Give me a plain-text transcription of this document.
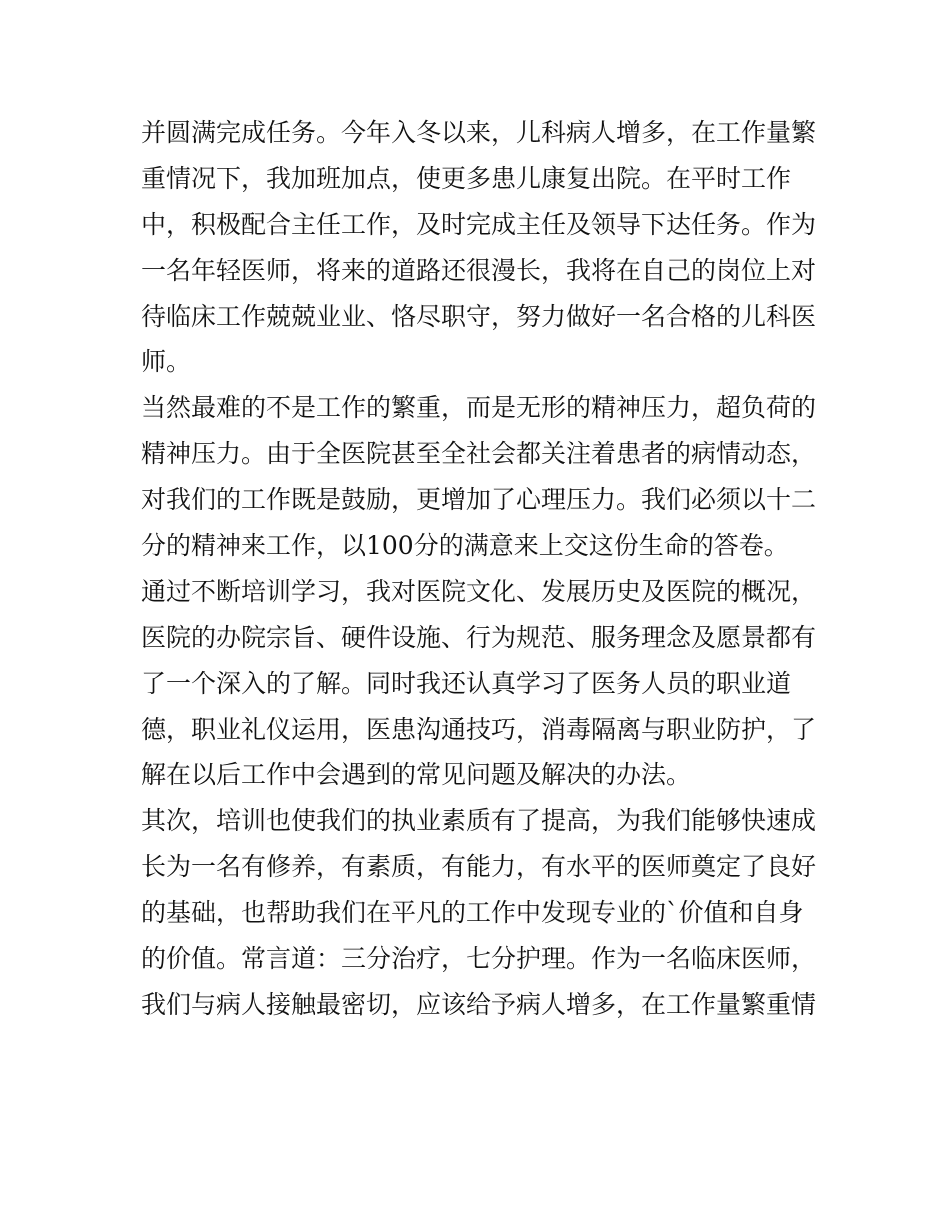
并圆满完成任务。今年入冬以来，儿科病人增多，在工作量繁
重情况下，我加班加点，使更多患儿康复出院。在平时工作
中，积极配合主任工作，及时完成主任及领导下达任务。作为
一名年轻医师，将来的道路还很漫长，我将在自己的岗位上对
待临床工作兢兢业业、恪尽职守，努力做好一名合格的儿科医
师。
当然最难的不是工作的繁重，而是无形的精神压力，超负荷的
精神压力。由于全医院甚至全社会都关注着患者的病情动态，
对我们的工作既是鼓励，更增加了心理压力。我们必须以十二
分的精神来工作，以100分的满意来上交这份生命的答卷。
通过不断培训学习，我对医院文化、发展历史及医院的概况，
医院的办院宗旨、硬件设施、行为规范、服务理念及愿景都有
了一个深入的了解。同时我还认真学习了医务人员的职业道
德，职业礼仪运用，医患沟通技巧，消毒隔离与职业防护，了
解在以后工作中会遇到的常见问题及解决的办法。
其次，培训也使我们的执业素质有了提高，为我们能够快速成
长为一名有修养，有素质，有能力，有水平的医师奠定了良好
的基础，也帮助我们在平凡的工作中发现专业的`价值和自身
的价值。常言道：三分治疗，七分护理。作为一名临床医师，
我们与病人接触最密切，应该给予病人增多，在工作量繁重情
